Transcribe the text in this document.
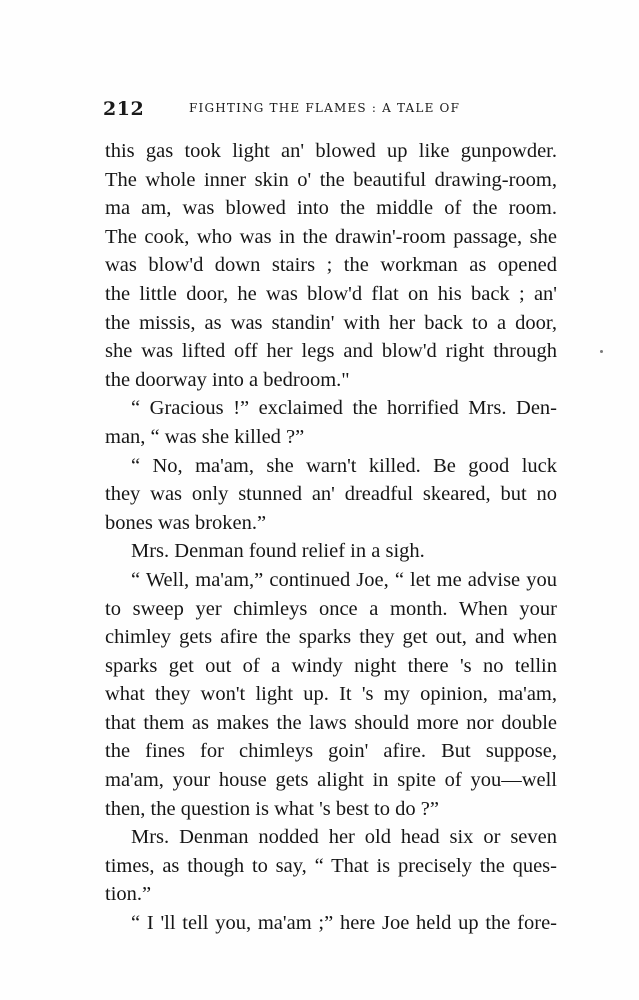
212	FIGHTING THE FLAMES : A TALE OF
this gas took light an' blowed up like gunpowder.
The whole inner skin o' the beautiful drawing-room,
ma am, was blowed into the middle of the room.
The cook, who was in the drawin'-room passage, she
was blow'd down stairs ; the workman as opened
the little door, he was blow'd flat on his back ; an'
the missis, as was standin' with her back to a door,
she was lifted off her legs and blow'd right through
the doorway into a bedroom."
“ Gracious !” exclaimed the horrified Mrs. Den-
man, “ was she killed ?”
“ No, ma'am, she warn't killed. Be good luck
they was only stunned an' dreadful skeared, but no
bones was broken.”
Mrs. Denman found relief in a sigh.
“ Well, ma'am,” continued Joe, “ let me advise you
to sweep yer chimleys once a month. When your
chimley gets afire the sparks they get out, and when
sparks get out of a windy night there 's no tellin
what they won't light up. It 's my opinion, ma'am,
that them as makes the laws should more nor double
the fines for chimleys goin' afire. But suppose,
ma'am, your house gets alight in spite of you—well
then, the question is what 's best to do ?”
Mrs. Denman nodded her old head six or seven
times, as though to say, “ That is precisely the ques-
tion.”
“ I 'll tell you, ma'am ;” here Joe held up the fore-
